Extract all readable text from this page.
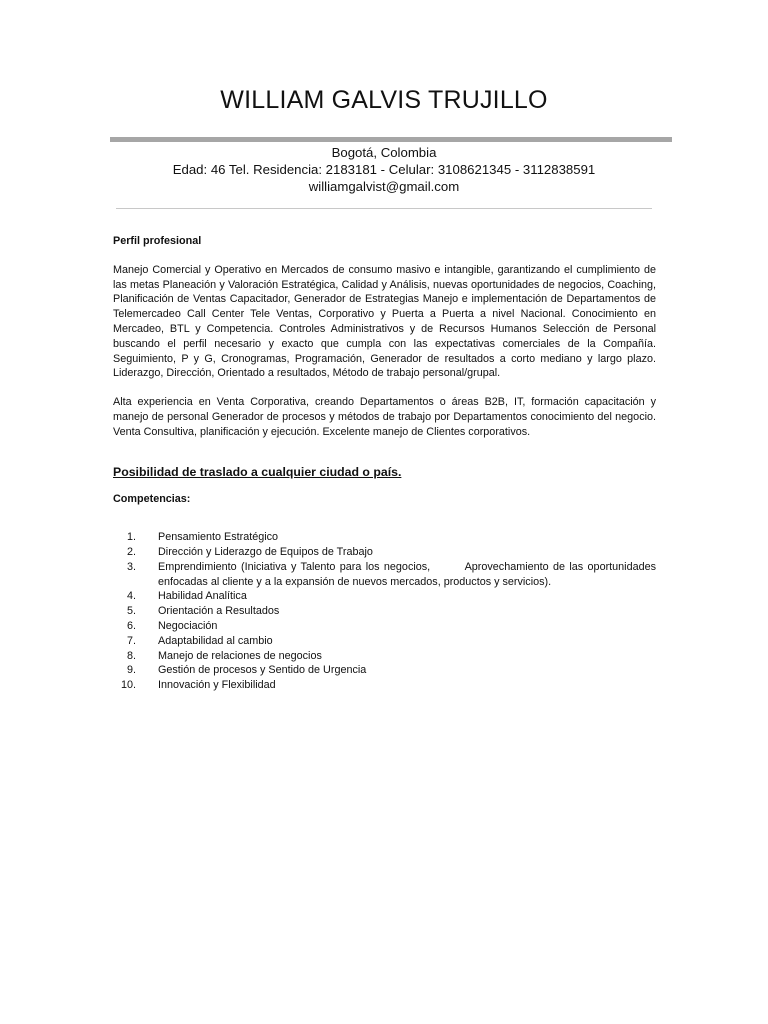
WILLIAM GALVIS TRUJILLO
Bogotá, Colombia
Edad: 46 Tel. Residencia: 2183181 - Celular: 3108621345 - 3112838591
williamgalvist@gmail.com
Perfil profesional

Manejo Comercial y Operativo en Mercados de consumo masivo e intangible, garantizando el cumplimiento de las metas Planeación y Valoración Estratégica, Calidad y Análisis, nuevas oportunidades de negocios, Coaching, Planificación de Ventas Capacitador, Generador de Estrategias Manejo e implementación de Departamentos de Telemercadeo Call Center Tele Ventas, Corporativo y Puerta a Puerta a nivel Nacional. Conocimiento en Mercadeo, BTL y Competencia. Controles Administrativos y de Recursos Humanos Selección de Personal buscando el perfil necesario y exacto que cumpla con las expectativas comerciales de la Compañía. Seguimiento, P y G, Cronogramas, Programación, Generador de resultados a corto mediano y largo plazo. Liderazgo, Dirección, Orientado a resultados, Método de trabajo personal/grupal.

Alta experiencia en Venta Corporativa, creando Departamentos o áreas B2B, IT, formación capacitación y manejo de personal Generador de procesos y métodos de trabajo por Departamentos conocimiento del negocio. Venta Consultiva, planificación y ejecución. Excelente manejo de Clientes corporativos.

Posibilidad de traslado a cualquier ciudad o país.
Competencias:
1.	Pensamiento Estratégico
2.	Dirección y Liderazgo de Equipos de Trabajo
3.	Emprendimiento (Iniciativa y Talento para los negocios,        Aprovechamiento de las oportunidades enfocadas al cliente y a la expansión de nuevos mercados, productos y servicios).
4.	Habilidad Analítica
5.	Orientación a Resultados
6.	Negociación
7.	Adaptabilidad al cambio
8.	Manejo de relaciones de negocios
9.	Gestión de procesos y Sentido de Urgencia
10.	Innovación y Flexibilidad
